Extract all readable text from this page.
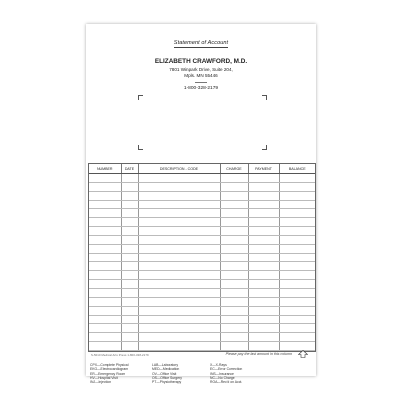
Statement of Account
ELIZABETH CRAWFORD, M.D.
7801 Winpark Drive, Suite 204,
Mpls. MN 55446
1-800-328-2179
NUMBER	DATE	DESCRIPTION - CODE	CHARGE	PAYMENT	BALANCE

S-5010 Medical Arts Press 1-800-328-2179	Please pay the last amount in this column
CPX—Complete Physical
EKG—Electrocardiogram
ER—Emergency Room
HV—Hospital Visit
INJ—Injection
LAB—Laboratory
MED—Medication
OV—Office Visit
OS—Office Surgery
PT—Physiotherapy
X—X-Rays
EC—Error Correction
INS—Insurance
NC—No Charge
ROA—Rec'd on Acct.
